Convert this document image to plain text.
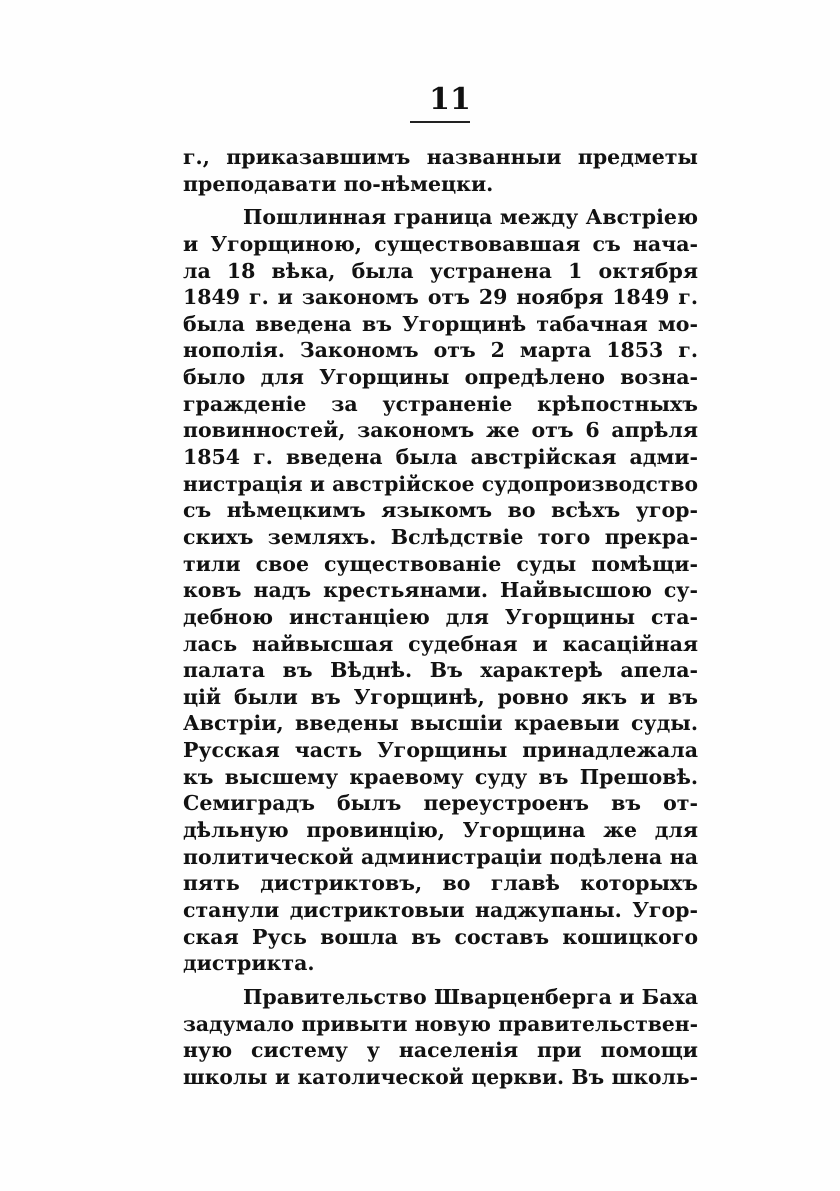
11
г., приказавшимъ названныи предметы
преподавати по-нѣмецки.
Пошлинная граница между Австріею
и Угорщиною, существовавшая съ нача-
ла 18 вѣка, была устранена 1 октября
1849 г. и закономъ отъ 29 ноября 1849 г.
была введена въ Угорщинѣ табачная мо-
нополія. Закономъ отъ 2 марта 1853 г.
было для Угорщины опредѣлено возна-
гражденіе за устраненіе крѣпостныхъ
повинностей, закономъ же отъ 6 апрѣля
1854 г. введена была австрійская адми-
нистрація и австрійское судопроизводство
съ нѣмецкимъ языкомъ во всѣхъ угор-
скихъ земляхъ. Вслѣдствіе того прекра-
тили свое существованіе суды помѣщи-
ковъ надъ крестьянами. Найвысшою су-
дебною инстанціею для Угорщины ста-
лась найвысшая судебная и касаційная
палата въ Вѣднѣ. Въ характерѣ апела-
цій были въ Угорщинѣ, ровно якъ и въ
Австріи, введены высшіи краевыи суды.
Русская часть Угорщины принадлежала
къ высшему краевому суду въ Прешовѣ.
Семиградъ былъ переустроенъ въ от-
дѣльную провинцію, Угорщина же для
политической администраціи подѣлена на
пять дистриктовъ, во главѣ которыхъ
станули дистриктовыи наджупаны. Угор-
ская Русь вошла въ составъ кошицкого
дистрикта.
Правительство Шварценберга и Баха
задумало привыти новую правительствен-
ную систему у населенія при помощи
школы и католической церкви. Въ школь-
